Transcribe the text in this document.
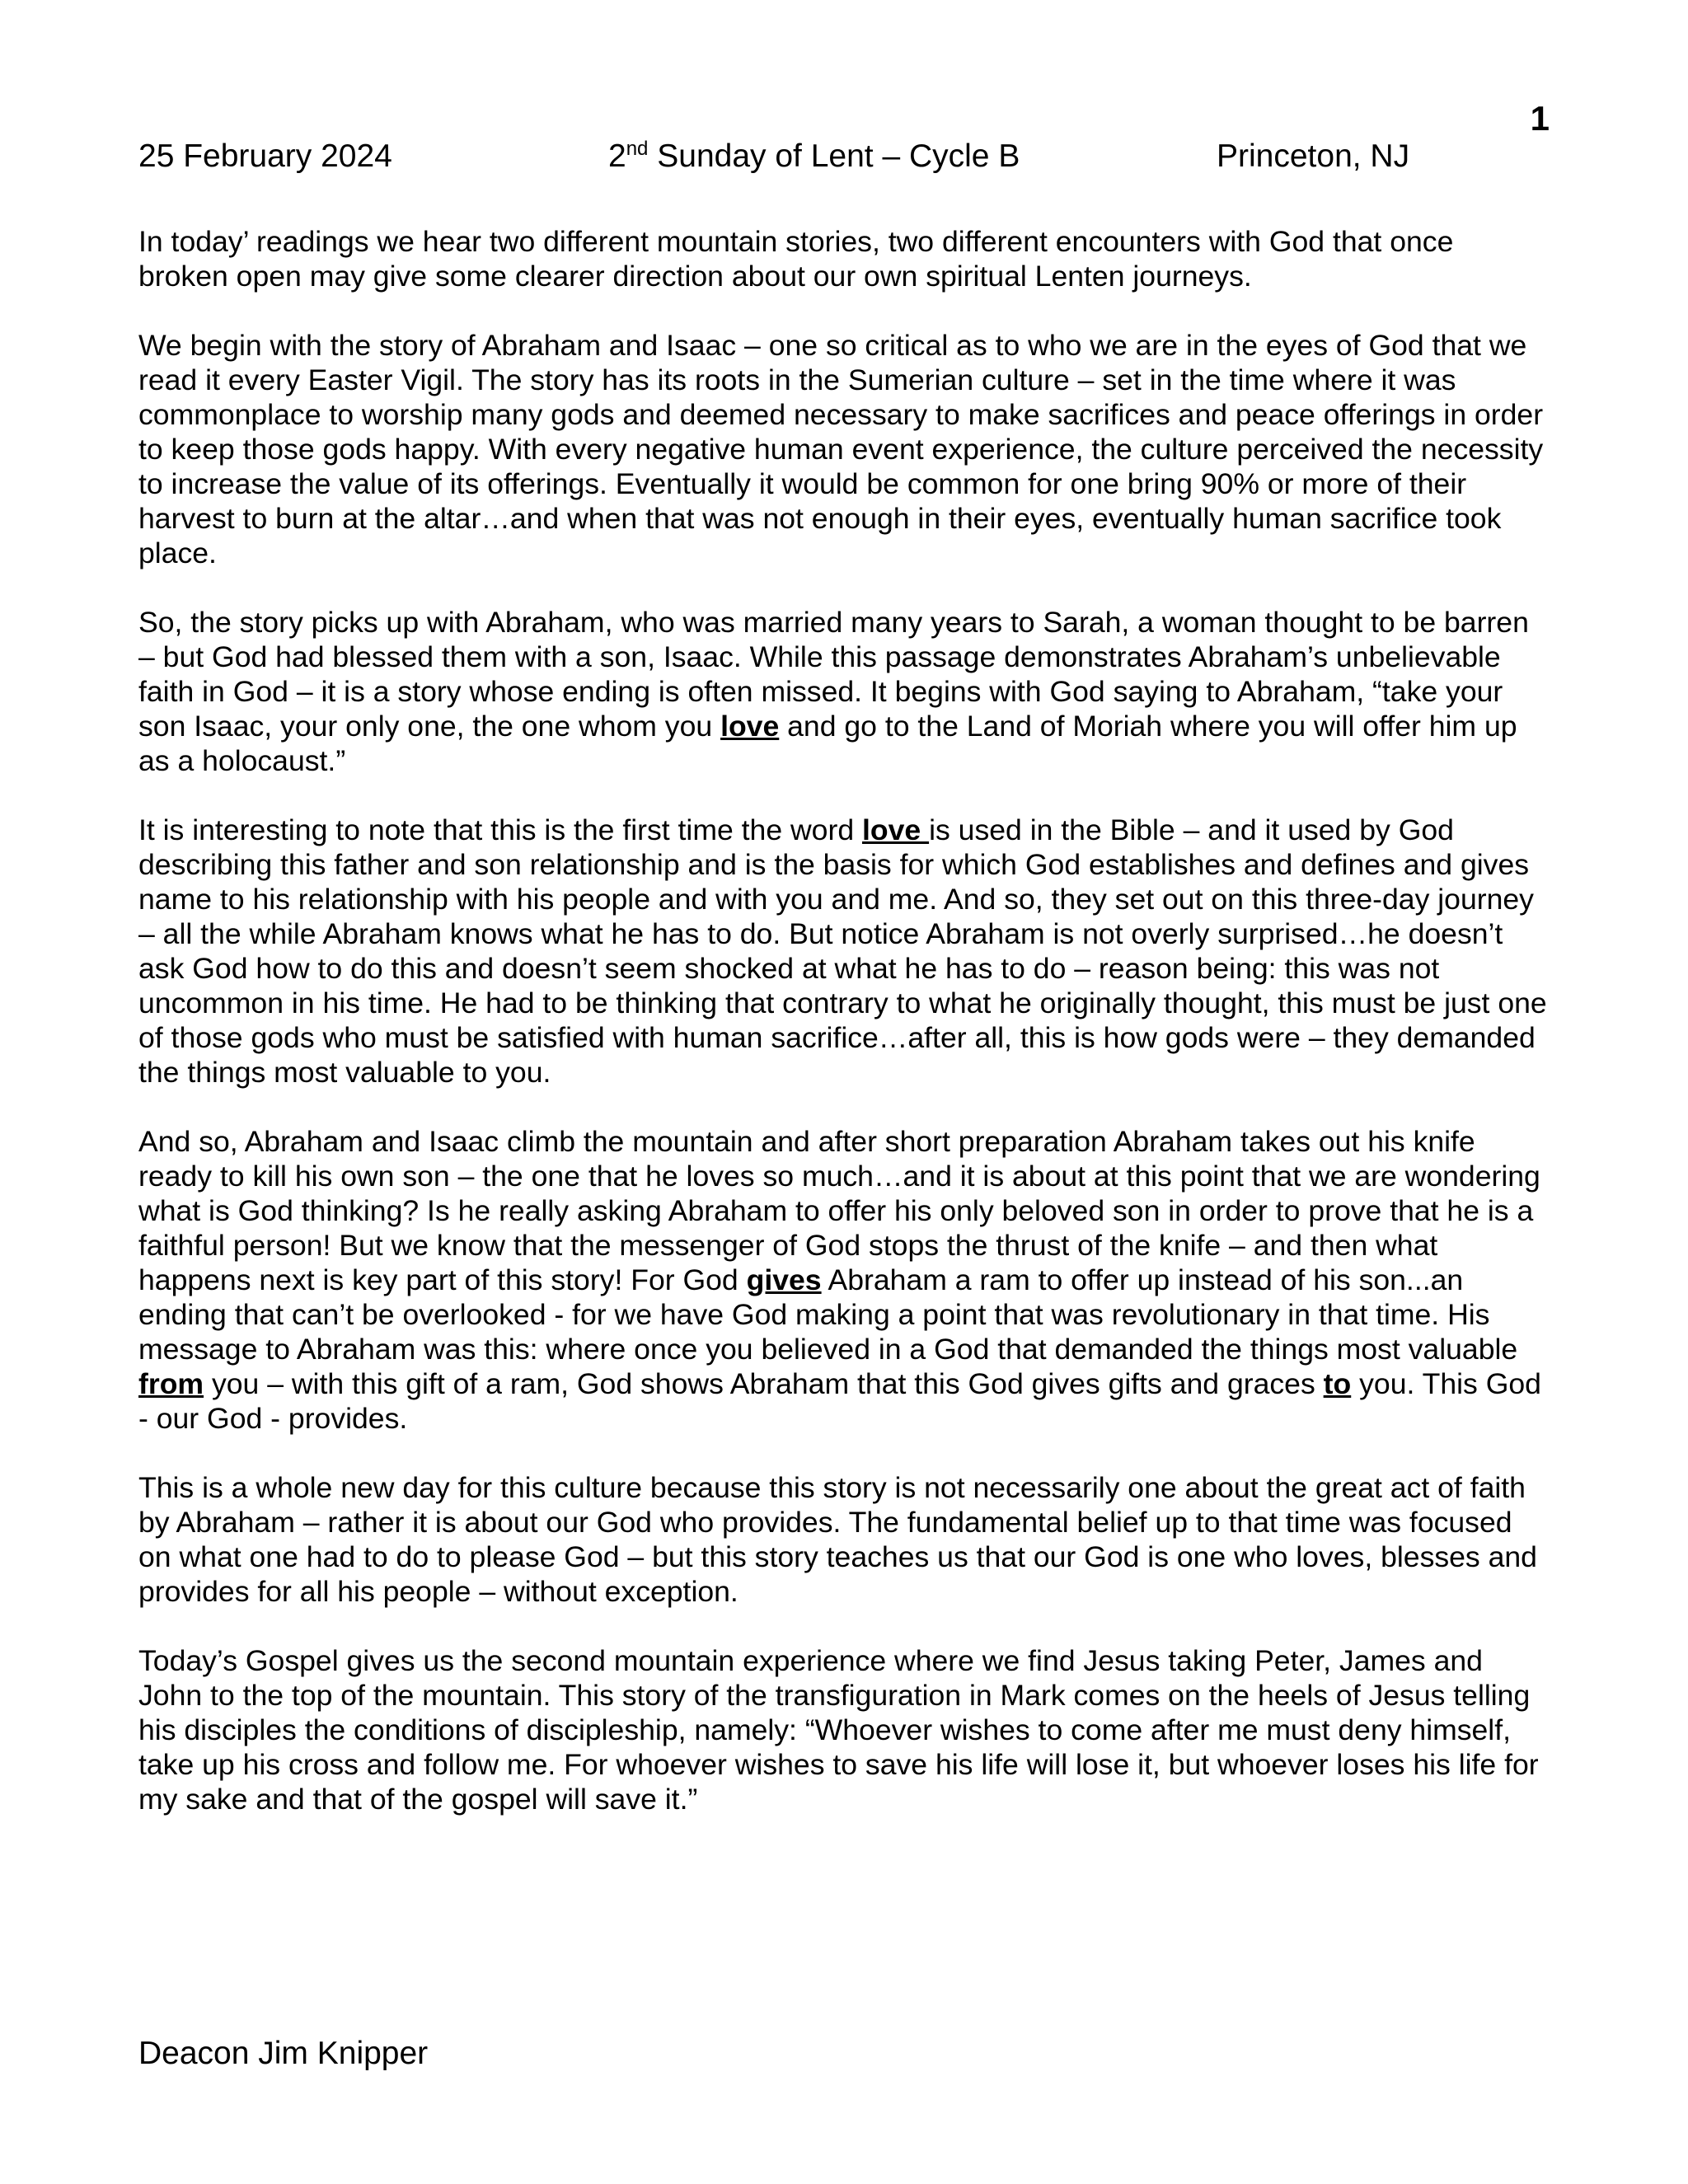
1
25 February 2024	2nd Sunday of Lent – Cycle B	Princeton, NJ

In today’ readings we hear two different mountain stories, two different encounters with God that once broken open may give some clearer direction about our own spiritual Lenten journeys.

We begin with the story of Abraham and Isaac – one so critical as to who we are in the eyes of God that we read it every Easter Vigil. The story has its roots in the Sumerian culture – set in the time where it was commonplace to worship many gods and deemed necessary to make sacrifices and peace offerings in order to keep those gods happy. With every negative human event experience, the culture perceived the necessity to increase the value of its offerings. Eventually it would be common for one bring 90% or more of their harvest to burn at the altar…and when that was not enough in their eyes, eventually human sacrifice took place.

So, the story picks up with Abraham, who was married many years to Sarah, a woman thought to be barren – but God had blessed them with a son, Isaac. While this passage demonstrates Abraham’s unbelievable faith in God – it is a story whose ending is often missed. It begins with God saying to Abraham, “take your son Isaac, your only one, the one whom you love and go to the Land of Moriah where you will offer him up as a holocaust.”

It is interesting to note that this is the first time the word love is used in the Bible – and it used by God describing this father and son relationship and is the basis for which God establishes and defines and gives name to his relationship with his people and with you and me. And so, they set out on this three-day journey – all the while Abraham knows what he has to do. But notice Abraham is not overly surprised…he doesn’t ask God how to do this and doesn’t seem shocked at what he has to do – reason being: this was not uncommon in his time. He had to be thinking that contrary to what he originally thought, this must be just one of those gods who must be satisfied with human sacrifice…after all, this is how gods were – they demanded the things most valuable to you.

And so, Abraham and Isaac climb the mountain and after short preparation Abraham takes out his knife ready to kill his own son – the one that he loves so much…and it is about at this point that we are wondering what is God thinking? Is he really asking Abraham to offer his only beloved son in order to prove that he is a faithful person! But we know that the messenger of God stops the thrust of the knife – and then what happens next is key part of this story! For God gives Abraham a ram to offer up instead of his son...an ending that can’t be overlooked - for we have God making a point that was revolutionary in that time. His message to Abraham was this: where once you believed in a God that demanded the things most valuable from you – with this gift of a ram, God shows Abraham that this God gives gifts and graces to you. This God - our God - provides.

This is a whole new day for this culture because this story is not necessarily one about the great act of faith by Abraham – rather it is about our God who provides. The fundamental belief up to that time was focused on what one had to do to please God – but this story teaches us that our God is one who loves, blesses and provides for all his people – without exception.

Today’s Gospel gives us the second mountain experience where we find Jesus taking Peter, James and John to the top of the mountain. This story of the transfiguration in Mark comes on the heels of Jesus telling his disciples the conditions of discipleship, namely: “Whoever wishes to come after me must deny himself, take up his cross and follow me. For whoever wishes to save his life will lose it, but whoever loses his life for my sake and that of the gospel will save it.”

Deacon Jim Knipper
